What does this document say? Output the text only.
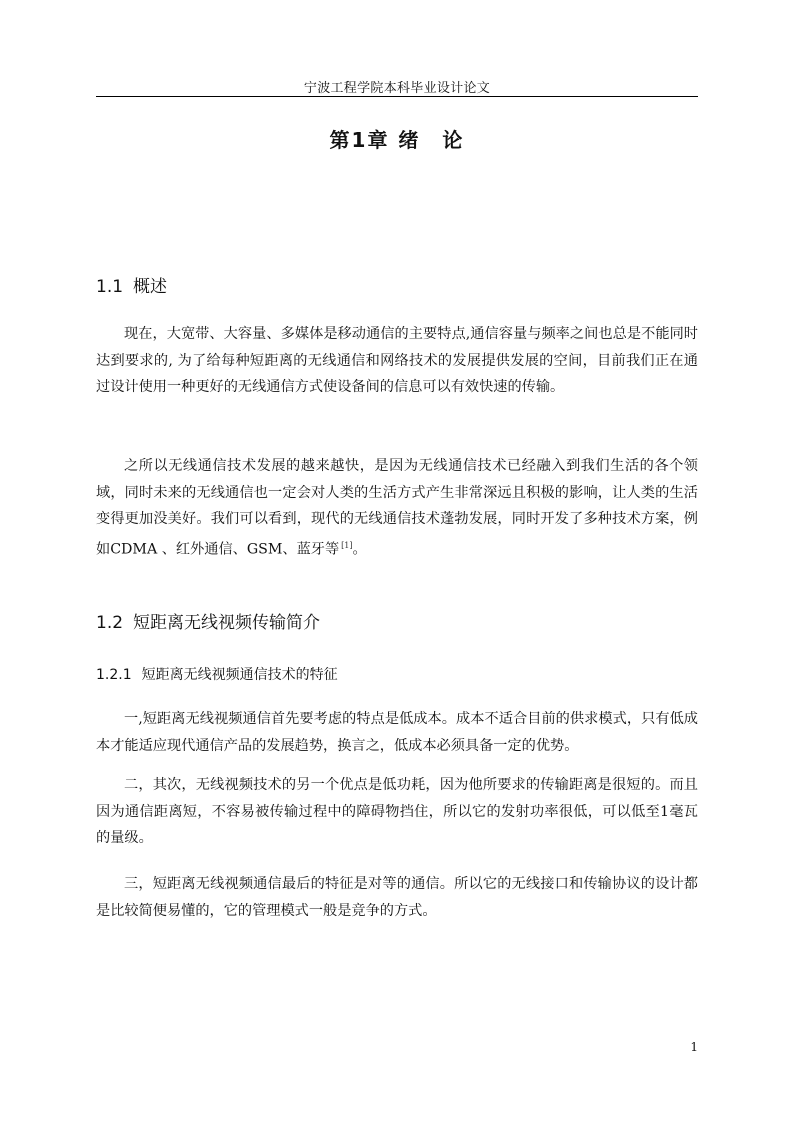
宁波工程学院本科毕业设计论文
第1章 绪　论
1.1 概述

现在，大宽带、大容量、多媒体是移动通信的主要特点,通信容量与频率之间也总是不能同时达到要求的, 为了给每种短距离的无线通信和网络技术的发展提供发展的空间，目前我们正在通过设计使用一种更好的无线通信方式使设备间的信息可以有效快速的传输。

之所以无线通信技术发展的越来越快，是因为无线通信技术已经融入到我们生活的各个领域，同时未来的无线通信也一定会对人类的生活方式产生非常深远且积极的影响，让人类的生活变得更加没美好。我们可以看到，现代的无线通信技术蓬勃发展，同时开发了多种技术方案，例如CDMA 、红外通信、GSM、蓝牙等 [1]。

1.2 短距离无线视频传输简介
1.2.1 短距离无线视频通信技术的特征

一,短距离无线视频通信首先要考虑的特点是低成本。成本不适合目前的供求模式，只有低成本才能适应现代通信产品的发展趋势，换言之，低成本必须具备一定的优势。

二，其次，无线视频技术的另一个优点是低功耗，因为他所要求的传输距离是很短的。而且因为通信距离短，不容易被传输过程中的障碍物挡住，所以它的发射功率很低，可以低至1毫瓦的量级。

三，短距离无线视频通信最后的特征是对等的通信。所以它的无线接口和传输协议的设计都是比较简便易懂的，它的管理模式一般是竞争的方式。

1
